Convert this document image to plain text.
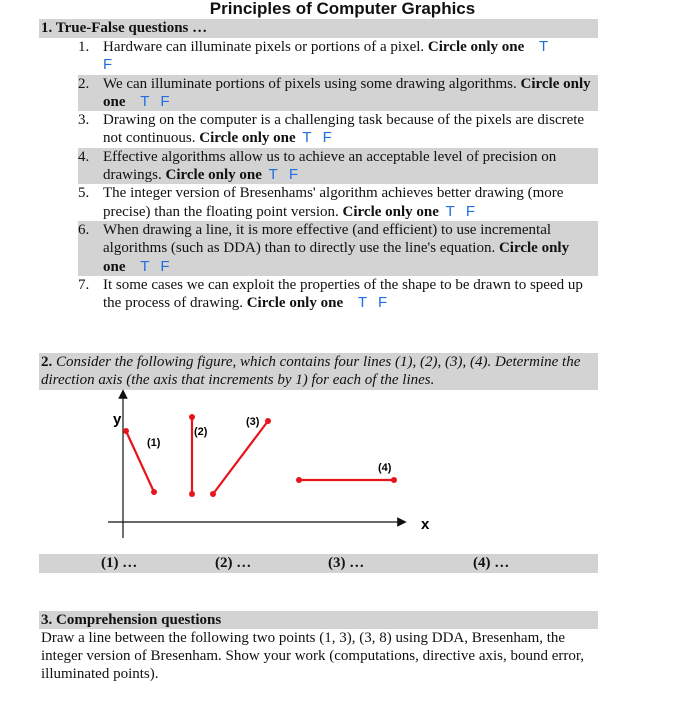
Principles of Computer Graphics
1. True-False questions …
1. Hardware can illuminate pixels or portions of a pixel. Circle only one T
F
2. We can illuminate portions of pixels using some drawing algorithms. Circle only one T F
3. Drawing on the computer is a challenging task because of the pixels are discrete not continuous. Circle only one T F
4. Effective algorithms allow us to achieve an acceptable level of precision on drawings. Circle only one T F
5. The integer version of Bresenhams' algorithm achieves better drawing (more precise) than the floating point version. Circle only one T F
6. When drawing a line, it is more effective (and efficient) to use incremental algorithms (such as DDA) than to directly use the line's equation. Circle only one T F
7. It some cases we can exploit the properties of the shape to be drawn to speed up the process of drawing. Circle only one T F
2. Consider the following figure, which contains four lines (1), (2), (3), (4). Determine the direction axis (the axis that increments by 1) for each of the lines.
y
x
(1)
(2)
(3)
(4)
(1) …	(2) …	(3) …	(4) …
3. Comprehension questions
Draw a line between the following two points (1, 3), (3, 8) using DDA, Bresenham, the integer version of Bresenham. Show your work (computations, directive axis, bound error, illuminated points).
